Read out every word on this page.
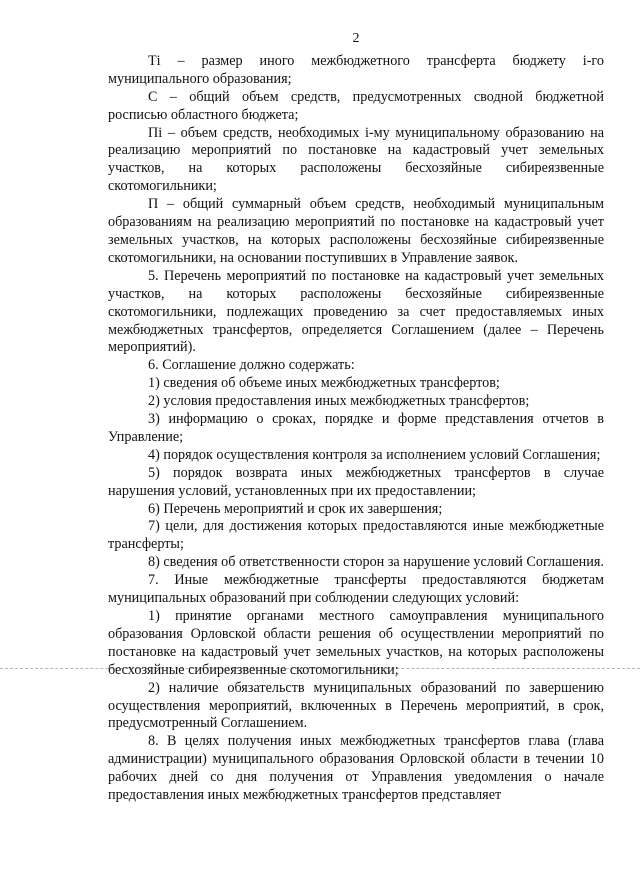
2

Тi – размер иного межбюджетного трансферта бюджету i-го муниципального образования;

С – общий объем средств, предусмотренных сводной бюджетной росписью областного бюджета;

Пi – объем средств, необходимых i-му муниципальному образованию на реализацию мероприятий по постановке на кадастровый учет земельных участков, на которых расположены бесхозяйные сибиреязвенные скотомогильники;

П – общий суммарный объем средств, необходимый муниципальным образованиям на реализацию мероприятий по постановке на кадастровый учет земельных участков, на которых расположены бесхозяйные сибиреязвенные скотомогильники, на основании поступивших в Управление заявок.

5. Перечень мероприятий по постановке на кадастровый учет земельных участков, на которых расположены бесхозяйные сибиреязвенные скотомогильники, подлежащих проведению за счет предоставляемых иных межбюджетных трансфертов, определяется Соглашением (далее – Перечень мероприятий).

6. Соглашение должно содержать:

1) сведения об объеме иных межбюджетных трансфертов;

2) условия предоставления иных межбюджетных трансфертов;

3) информацию о сроках, порядке и форме представления отчетов в Управление;

4) порядок осуществления контроля за исполнением условий Соглашения;

5) порядок возврата иных межбюджетных трансфертов в случае нарушения условий, установленных при их предоставлении;

6) Перечень мероприятий и срок их завершения;

7) цели, для достижения которых предоставляются иные межбюджетные трансферты;

8) сведения об ответственности сторон за нарушение условий Соглашения.

7. Иные межбюджетные трансферты предоставляются бюджетам муниципальных образований при соблюдении следующих условий:

1) принятие органами местного самоуправления муниципального образования Орловской области решения об осуществлении мероприятий по постановке на кадастровый учет земельных участков, на которых расположены бесхозяйные сибиреязвенные скотомогильники;

2) наличие обязательств муниципальных образований по завершению осуществления мероприятий, включенных в Перечень мероприятий, в срок, предусмотренный Соглашением.

8. В целях получения иных межбюджетных трансфертов глава (глава администрации) муниципального образования Орловской области в течении 10 рабочих дней со дня получения от Управления уведомления о начале предоставления иных межбюджетных трансфертов представляет
